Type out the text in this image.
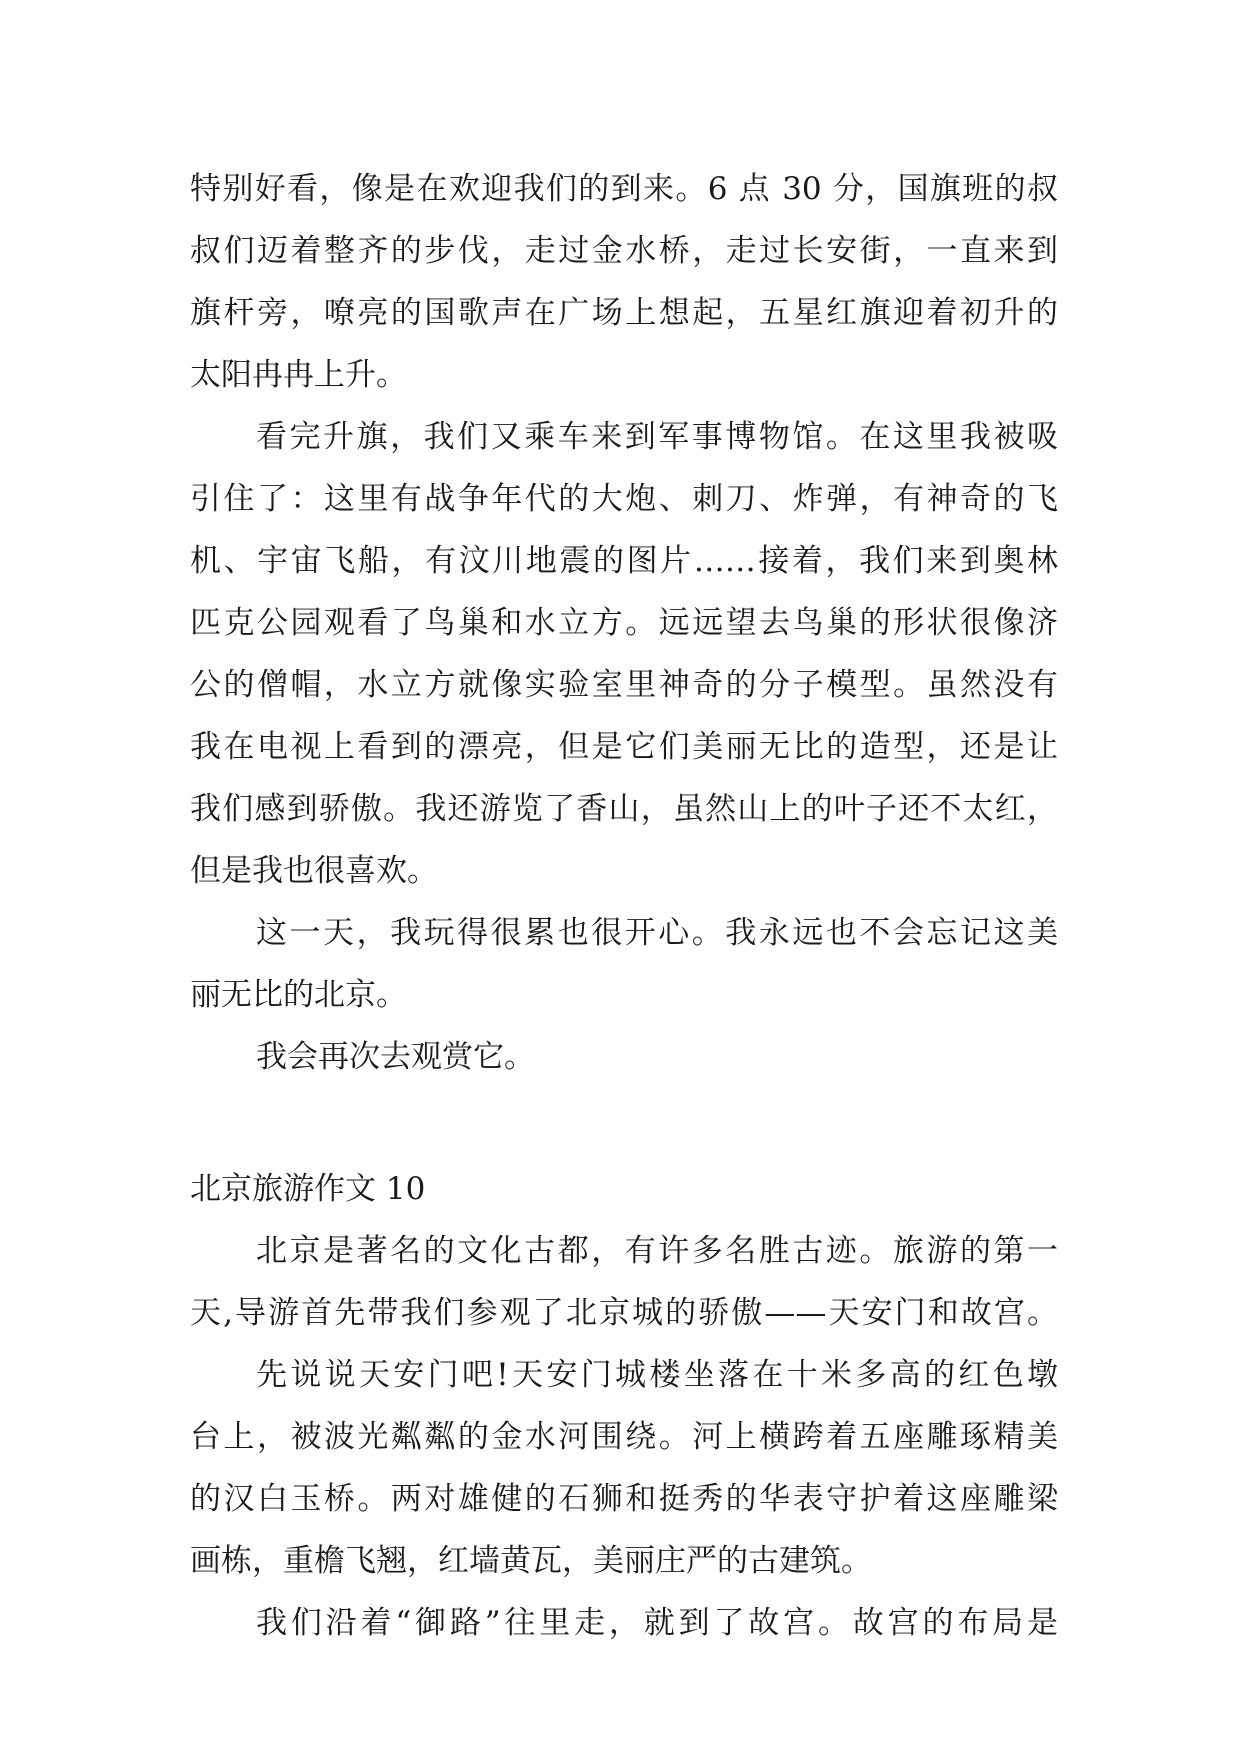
特别好看，像是在欢迎我们的到来。6 点 30 分，国旗班的叔
叔们迈着整齐的步伐，走过金水桥，走过长安街，一直来到
旗杆旁，嘹亮的国歌声在广场上想起，五星红旗迎着初升的
太阳冉冉上升。
看完升旗，我们又乘车来到军事博物馆。在这里我被吸
引住了：这里有战争年代的大炮、刺刀、炸弹，有神奇的飞
机、宇宙飞船，有汶川地震的图片……接着，我们来到奥林
匹克公园观看了鸟巢和水立方。远远望去鸟巢的形状很像济
公的僧帽，水立方就像实验室里神奇的分子模型。虽然没有
我在电视上看到的漂亮，但是它们美丽无比的造型，还是让
我们感到骄傲。我还游览了香山，虽然山上的叶子还不太红，
但是我也很喜欢。
这一天，我玩得很累也很开心。我永远也不会忘记这美
丽无比的北京。
我会再次去观赏它。
北京旅游作文 10
北京是著名的文化古都，有许多名胜古迹。旅游的第一
天,导游首先带我们参观了北京城的骄傲——天安门和故宫。
先说说天安门吧!天安门城楼坐落在十米多高的红色墩
台上，被波光粼粼的金水河围绕。河上横跨着五座雕琢精美
的汉白玉桥。两对雄健的石狮和挺秀的华表守护着这座雕梁
画栋，重檐飞翘，红墙黄瓦，美丽庄严的古建筑。
我们沿着“御路”往里走，就到了故宫。故宫的布局是
